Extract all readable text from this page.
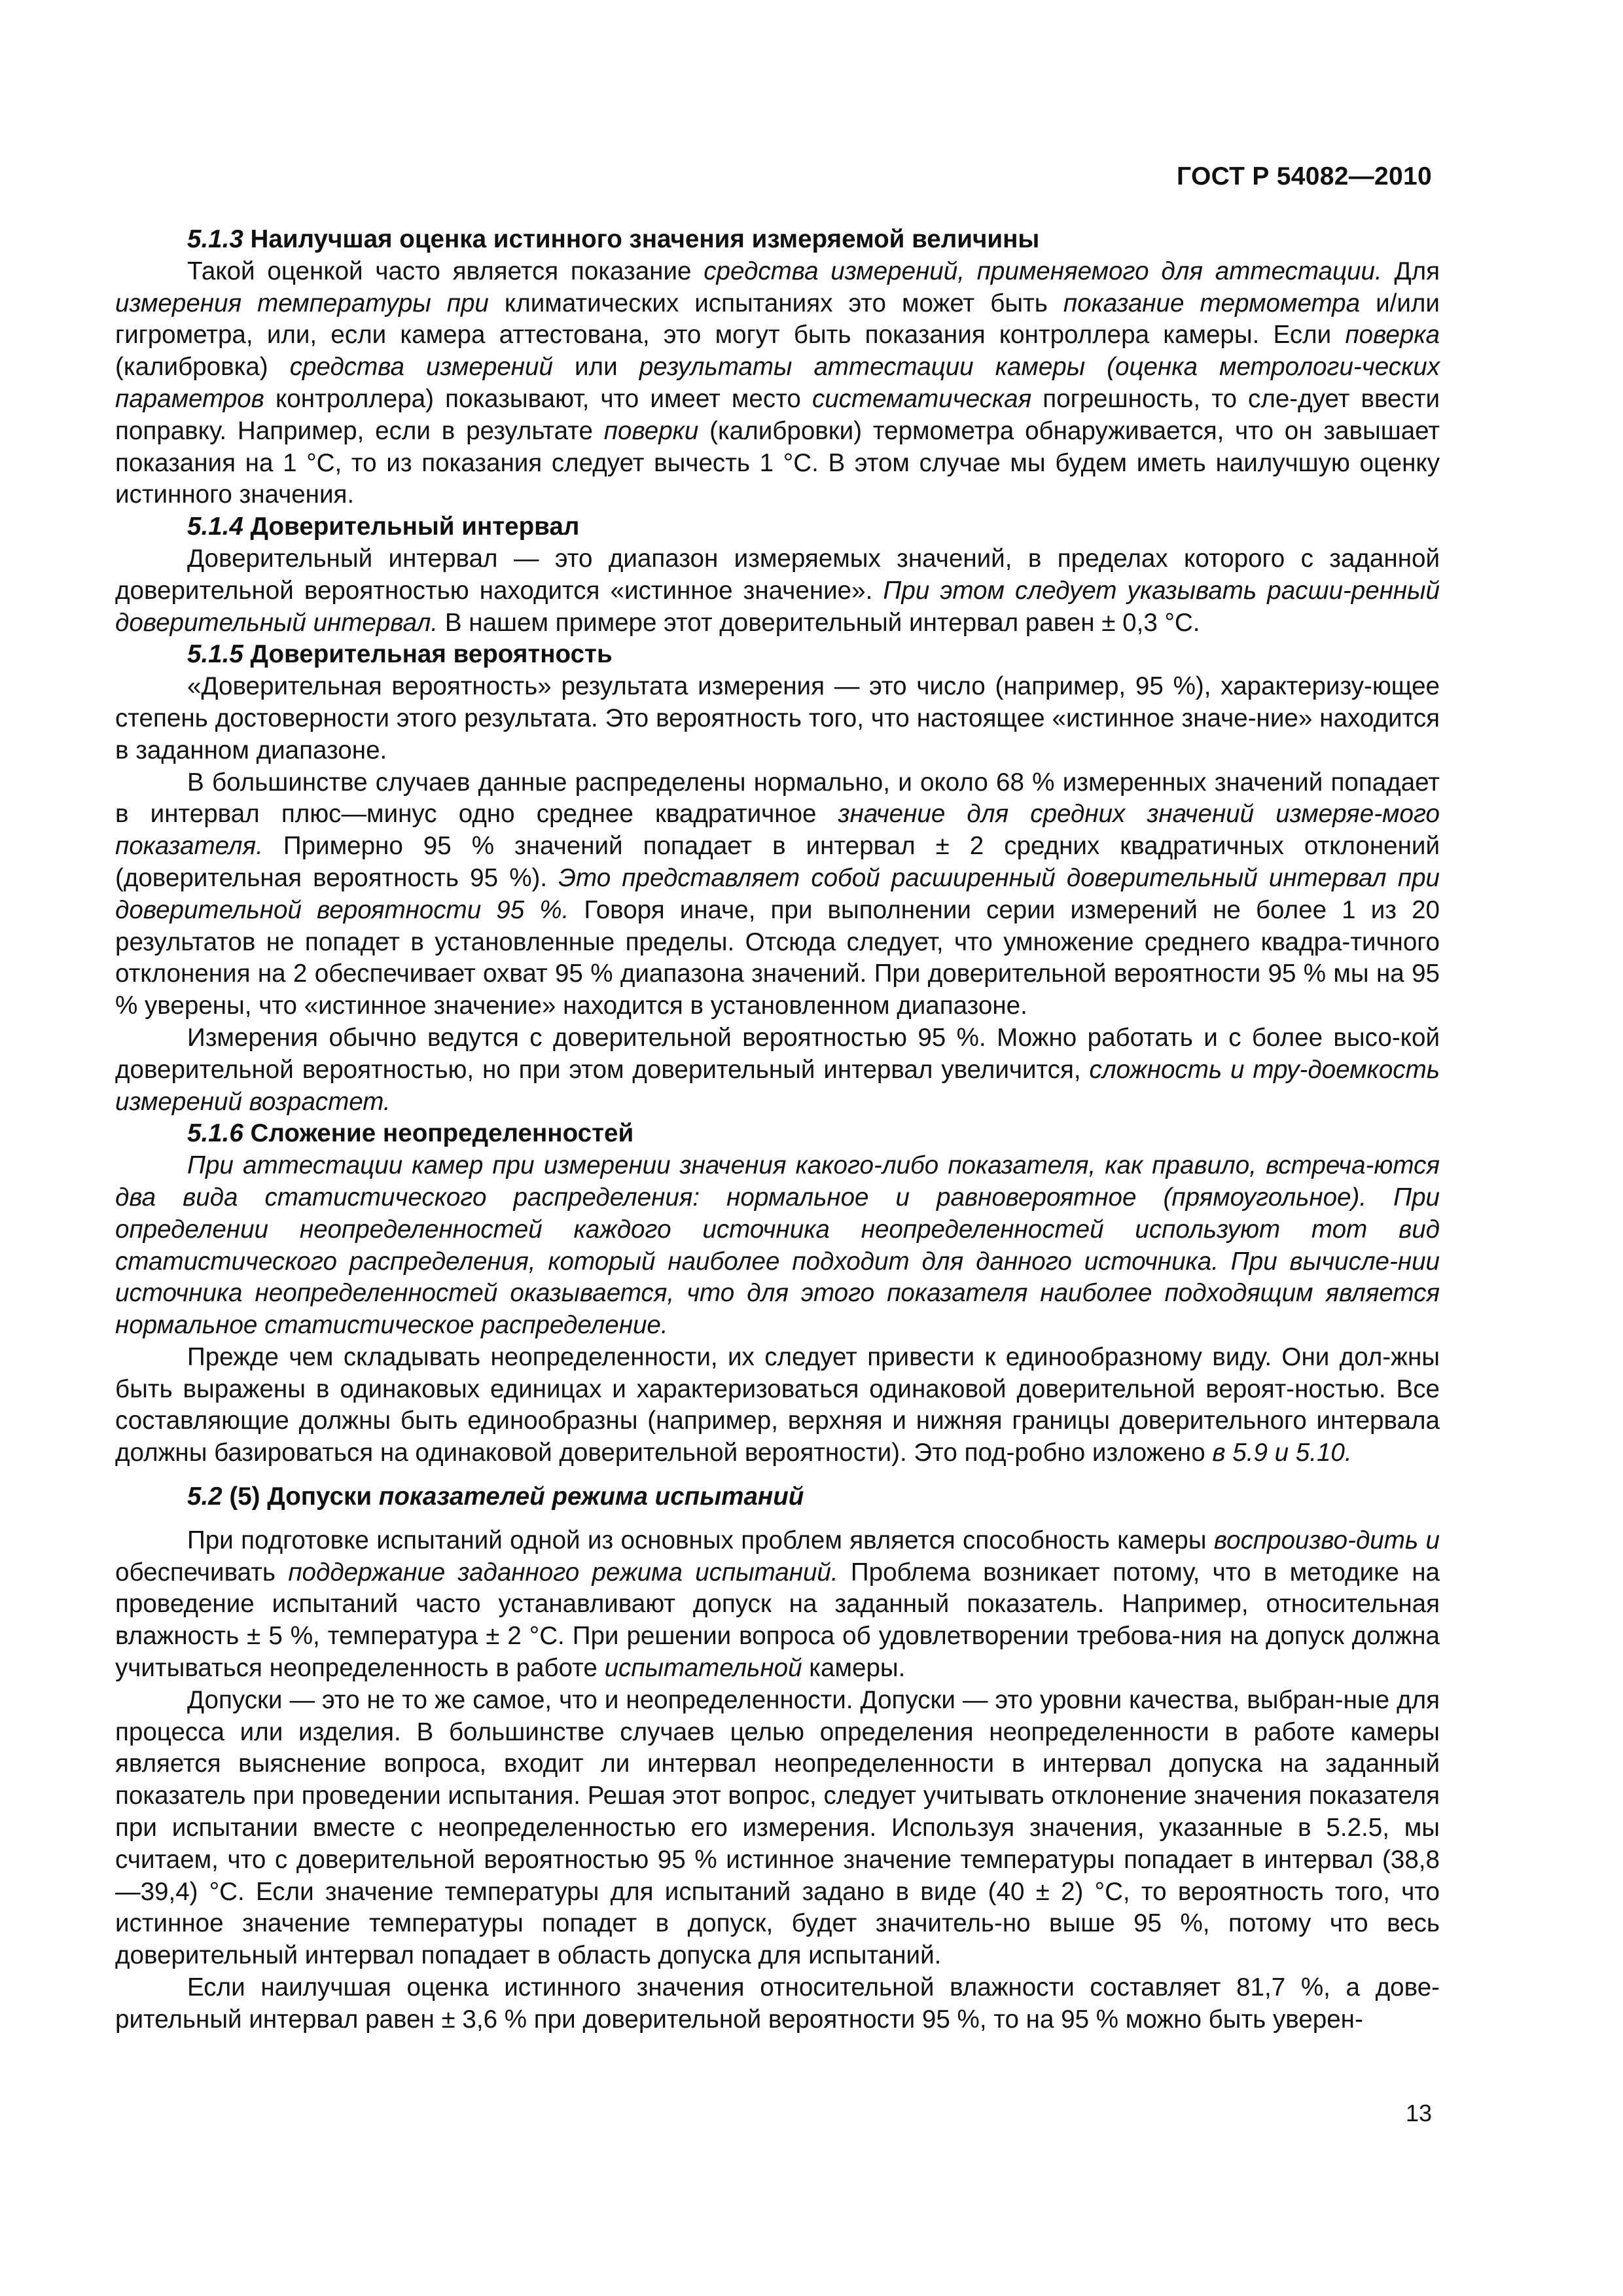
ГОСТ Р 54082—2010

5.1.3 Наилучшая оценка истинного значения измеряемой величины

Такой оценкой часто является показание средства измерений, применяемого для аттестации. Для измерения температуры при климатических испытаниях это может быть показание термометра и/или гигрометра, или, если камера аттестована, это могут быть показания контроллера камеры. Если поверка (калибровка) средства измерений или результаты аттестации камеры (оценка метрологи-ческих параметров контроллера) показывают, что имеет место систематическая погрешность, то сле-дует ввести поправку. Например, если в результате поверки (калибровки) термометра обнаруживается, что он завышает показания на 1 °С, то из показания следует вычесть 1 °С. В этом случае мы будем иметь наилучшую оценку истинного значения.

5.1.4 Доверительный интервал

Доверительный интервал — это диапазон измеряемых значений, в пределах которого с заданной доверительной вероятностью находится «истинное значение». При этом следует указывать расши-ренный доверительный интервал. В нашем примере этот доверительный интервал равен ± 0,3 °С.

5.1.5 Доверительная вероятность

«Доверительная вероятность» результата измерения — это число (например, 95 %), характеризу-ющее степень достоверности этого результата. Это вероятность того, что настоящее «истинное значе-ние» находится в заданном диапазоне.

В большинстве случаев данные распределены нормально, и около 68 % измеренных значений попадает в интервал плюс—минус одно среднее квадратичное значение для средних значений измеряе-мого показателя. Примерно 95 % значений попадает в интервал ± 2 средних квадратичных отклонений (доверительная вероятность 95 %). Это представляет собой расширенный доверительный интервал при доверительной вероятности 95 %. Говоря иначе, при выполнении серии измерений не более 1 из 20 результатов не попадет в установленные пределы. Отсюда следует, что умножение среднего квадра-тичного отклонения на 2 обеспечивает охват 95 % диапазона значений. При доверительной вероятности 95 % мы на 95 % уверены, что «истинное значение» находится в установленном диапазоне.

Измерения обычно ведутся с доверительной вероятностью 95 %. Можно работать и с более высо-кой доверительной вероятностью, но при этом доверительный интервал увеличится, сложность и тру-доемкость измерений возрастет.

5.1.6 Сложение неопределенностей

При аттестации камер при измерении значения какого-либо показателя, как правило, встреча-ются два вида статистического распределения: нормальное и равновероятное (прямоугольное). При определении неопределенностей каждого источника неопределенностей используют тот вид статистического распределения, который наиболее подходит для данного источника. При вычисле-нии источника неопределенностей оказывается, что для этого показателя наиболее подходящим является нормальное статистическое распределение.

Прежде чем складывать неопределенности, их следует привести к единообразному виду. Они дол-жны быть выражены в одинаковых единицах и характеризоваться одинаковой доверительной вероят-ностью. Все составляющие должны быть единообразны (например, верхняя и нижняя границы доверительного интервала должны базироваться на одинаковой доверительной вероятности). Это под-робно изложено в 5.9 и 5.10.

5.2 (5) Допуски показателей режима испытаний

При подготовке испытаний одной из основных проблем является способность камеры воспроизво-дить и обеспечивать поддержание заданного режима испытаний. Проблема возникает потому, что в методике на проведение испытаний часто устанавливают допуск на заданный показатель. Например, относительная влажность ± 5 %, температура ± 2 °С. При решении вопроса об удовлетворении требова-ния на допуск должна учитываться неопределенность в работе испытательной камеры.

Допуски — это не то же самое, что и неопределенности. Допуски — это уровни качества, выбран-ные для процесса или изделия. В большинстве случаев целью определения неопределенности в работе камеры является выяснение вопроса, входит ли интервал неопределенности в интервал допуска на заданный показатель при проведении испытания. Решая этот вопрос, следует учитывать отклонение значения показателя при испытании вместе с неопределенностью его измерения. Используя значения, указанные в 5.2.5, мы считаем, что с доверительной вероятностью 95 % истинное значение температуры попадает в интервал (38,8—39,4) °С. Если значение температуры для испытаний задано в виде (40 ± 2) °С, то вероятность того, что истинное значение температуры попадет в допуск, будет значитель-но выше 95 %, потому что весь доверительный интервал попадает в область допуска для испытаний.

Если наилучшая оценка истинного значения относительной влажности составляет 81,7 %, а дове-рительный интервал равен ± 3,6 % при доверительной вероятности 95 %, то на 95 % можно быть уверен-

13
